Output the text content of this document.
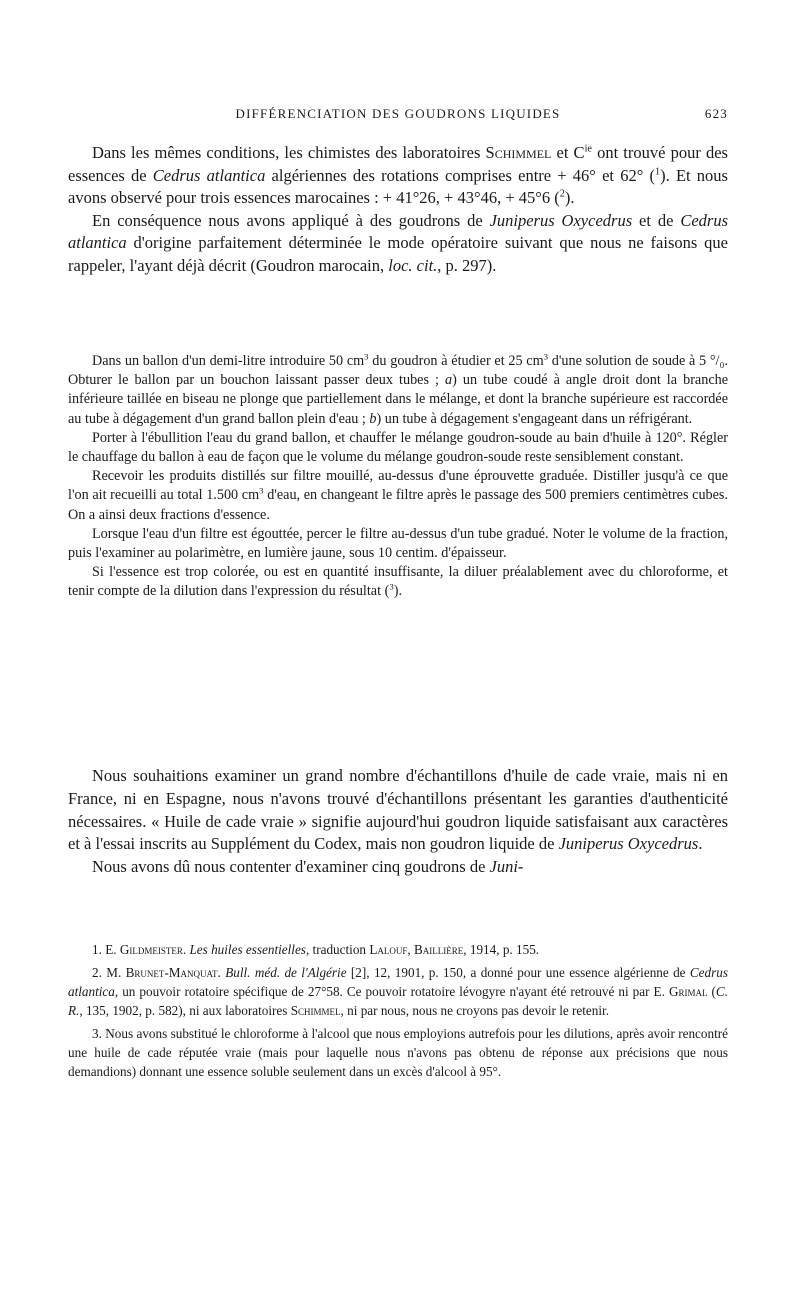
DIFFÉRENCIATION DES GOUDRONS LIQUIDES	623

Dans les mêmes conditions, les chimistes des laboratoires Schimmel et $C^{ie}$ ont trouvé pour des essences de Cedrus atlantica algériennes des rotations comprises entre + 46° et 62° ($^1$). Et nous avons observé pour trois essences marocaines : + 41°26, + 43°46, + 45°6 ($^2$).

En conséquence nous avons appliqué à des goudrons de Juniperus Oxycedrus et de Cedrus atlantica d'origine parfaitement déterminée le mode opératoire suivant que nous ne faisons que rappeler, l'ayant déjà décrit (Goudron marocain, loc. cit., p. 297).

Dans un ballon d'un demi-litre introduire 50 $cm^3$ du goudron à étudier et 25 $cm^3$ d'une solution de soude à 5 °/₀. Obturer le ballon par un bouchon laissant passer deux tubes ; a) un tube coudé à angle droit dont la branche inférieure taillée en biseau ne plonge que partiellement dans le mélange, et dont la branche supérieure est raccordée au tube à dégagement d'un grand ballon plein d'eau ; b) un tube à dégagement s'engageant dans un réfrigérant.

Porter à l'ébullition l'eau du grand ballon, et chauffer le mélange goudron-soude au bain d'huile à 120°. Régler le chauffage du ballon à eau de façon que le volume du mélange goudron-soude reste sensiblement constant.

Recevoir les produits distillés sur filtre mouillé, au-dessus d'une éprouvette graduée. Distiller jusqu'à ce que l'on ait recueilli au total 1.500 $cm^3$ d'eau, en changeant le filtre après le passage des 500 premiers centimètres cubes. On a ainsi deux fractions d'essence.

Lorsque l'eau d'un filtre est égouttée, percer le filtre au-dessus d'un tube gradué. Noter le volume de la fraction, puis l'examiner au polarimètre, en lumière jaune, sous 10 centim. d'épaisseur.

Si l'essence est trop colorée, ou est en quantité insuffisante, la diluer préalablement avec du chloroforme, et tenir compte de la dilution dans l'expression du résultat ($^3$).

Nous souhaitions examiner un grand nombre d'échantillons d'huile de cade vraie, mais ni en France, ni en Espagne, nous n'avons trouvé d'échantillons présentant les garanties d'authenticité nécessaires. « Huile de cade vraie » signifie aujourd'hui goudron liquide satisfaisant aux caractères et à l'essai inscrits au Supplément du Codex, mais non goudron liquide de Juniperus Oxycedrus.

Nous avons dû nous contenter d'examiner cinq goudrons de Juni-

1. E. Gildmeister. Les huiles essentielles, traduction Lalouf, Baillière, 1914, p. 155.

2. M. Brunet-Manquat. Bull. méd. de l'Algérie [2], 12, 1901, p. 150, a donné pour une essence algérienne de Cedrus atlantica, un pouvoir rotatoire spécifique de 27°58. Ce pouvoir rotatoire lévogyre n'ayant été retrouvé ni par E. Grimal (C. R., 135, 1902, p. 582), ni aux laboratoires Schimmel, ni par nous, nous ne croyons pas devoir le retenir.

3. Nous avons substitué le chloroforme à l'alcool que nous employions autrefois pour les dilutions, après avoir rencontré une huile de cade réputée vraie (mais pour laquelle nous n'avons pas obtenu de réponse aux précisions que nous demandions) donnant une essence soluble seulement dans un excès d'alcool à 95°.
